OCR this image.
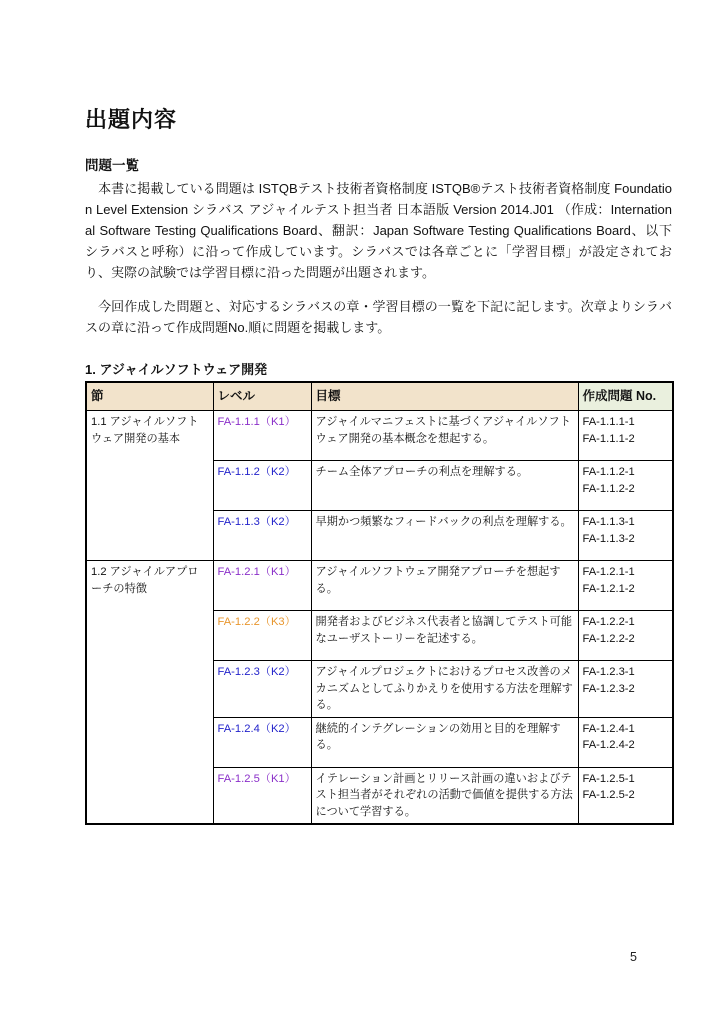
出題内容
問題一覧

　本書に掲載している問題は ISTQBテスト技術者資格制度 ISTQB®テスト技術者資格制度 Foundation Level Extension シラバス アジャイルテスト担当者 日本語版 Version 2014.J01 （作成：International Software Testing Qualifications Board、翻訳：Japan Software Testing Qualifications Board、以下シラバスと呼称）に沿って作成しています。シラバスでは各章ごとに「学習目標」が設定されており、実際の試験では学習目標に沿った問題が出題されます。

　今回作成した問題と、対応するシラバスの章・学習目標の一覧を下記に記します。次章よりシラバスの章に沿って作成問題No.順に問題を掲載します。

1. アジャイルソフトウェア開発
節	レベル	目標	作成問題 No.
1.1 アジャイルソフトウェア開発の基本	FA-1.1.1（K1）	アジャイルマニフェストに基づくアジャイルソフトウェア開発の基本概念を想起する。	FA-1.1.1-1
FA-1.1.1-2

	FA-1.1.2（K2）	チーム全体アプローチの利点を理解する。	FA-1.1.2-1
FA-1.1.2-2

	FA-1.1.3（K2）	早期かつ頻繁なフィードバックの利点を理解する。	FA-1.1.3-1
FA-1.1.3-2

1.2 アジャイルアプローチの特徴	FA-1.2.1（K1）	アジャイルソフトウェア開発アプローチを想起する。	FA-1.2.1-1
FA-1.2.1-2

	FA-1.2.2（K3）	開発者およびビジネス代表者と協調してテスト可能なユーザストーリーを記述する。	FA-1.2.2-1
FA-1.2.2-2

	FA-1.2.3（K2）	アジャイルプロジェクトにおけるプロセス改善のメカニズムとしてふりかえりを使用する方法を理解する。	FA-1.2.3-1
FA-1.2.3-2

	FA-1.2.4（K2）	継続的インテグレーションの効用と目的を理解する。	FA-1.2.4-1
FA-1.2.4-2

	FA-1.2.5（K1）	イテレーション計画とリリース計画の違いおよびテスト担当者がそれぞれの活動で価値を提供する方法について学習する。	FA-1.2.5-1
FA-1.2.5-2
5
